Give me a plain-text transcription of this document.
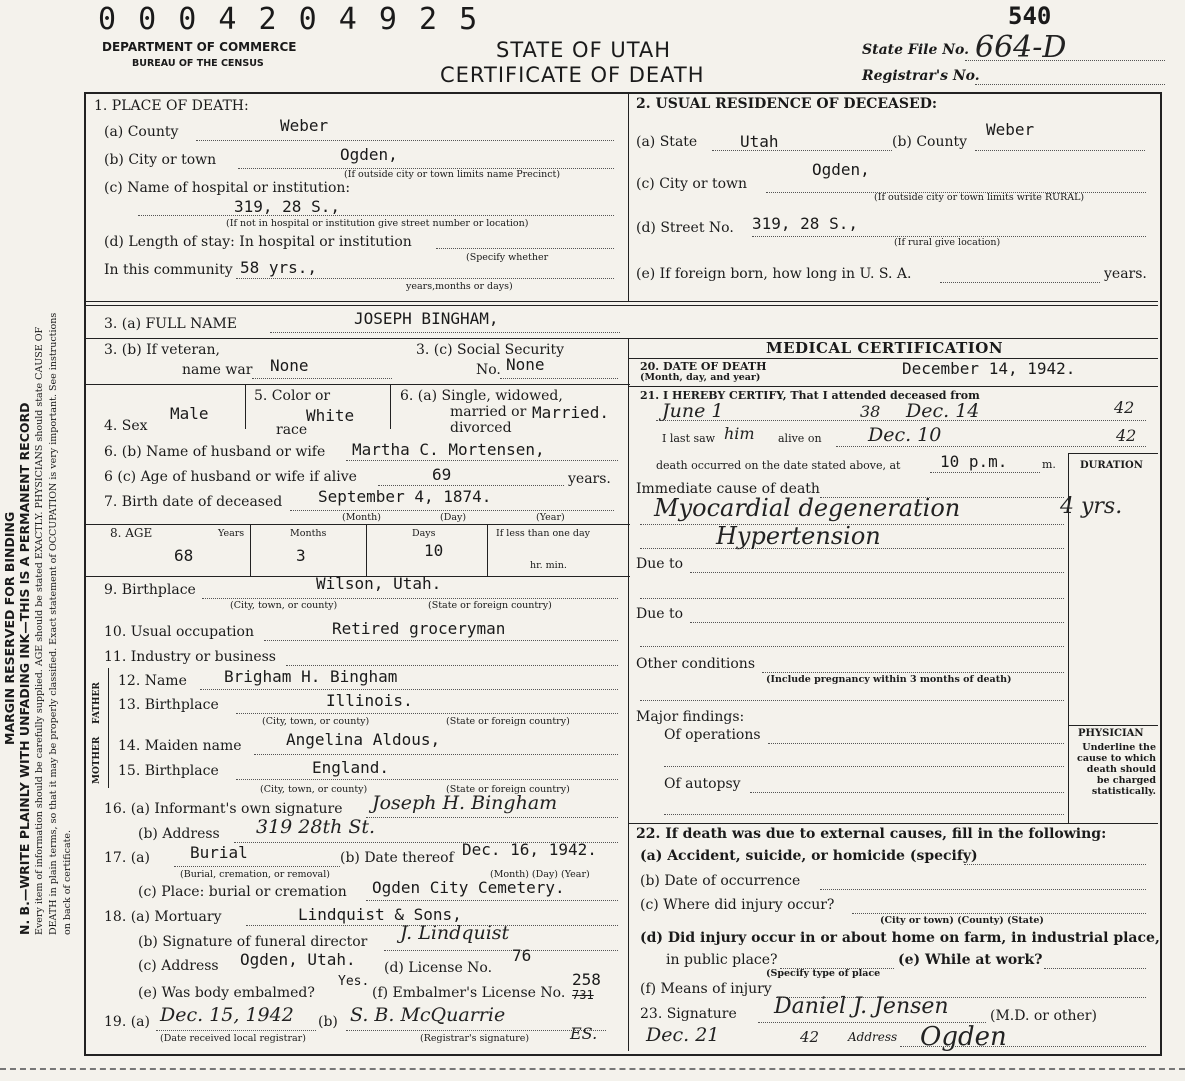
MARGIN RESERVED FOR BINDING N. B.—WRITE PLAINLY WITH UNFADING INK—THIS IS A PERMANENT RECORD Every item of information should be carefully supplied. AGE should be stated EXACTLY. PHYSICIANS should state CAUSE OF DEATH in plain terms, so that it may be properly classified. Exact statement of OCCUPATION is very important. See instructions on back of certificate.
0 0 0 4 2 0 4 9 2 5
DEPARTMENT OF COMMERCE
BUREAU OF THE CENSUS
STATE OF UTAH
CERTIFICATE OF DEATH
540
State File No. 664-D
Registrar's No.
1. PLACE OF DEATH:
(a) County	Weber
(b) City or town	Ogden,
(If outside city or town limits name Precinct)
(c) Name of hospital or institution:
319, 28 S.,
(If not in hospital or institution give street number or location)
(d) Length of stay: In hospital or institution
(Specify whether
In this community 58 yrs.,
years,months or days)
2. USUAL RESIDENCE OF DECEASED:
(a) State	Utah	(b) County
Weber
(c) City or town
Ogden,
(If outside city or town limits write RURAL)
(d) Street No. 319, 28 S.,
(If rural give location)
(e) If foreign born, how long in U. S. A.	years.
3. (a) FULL NAME	JOSEPH BINGHAM,
3. (b) If veteran,
name war None
3. (c) Social Security
No. None
4. Sex
Male
5. Color or
race
White
6. (a) Single, widowed,
married or
divorced
Married.
6. (b) Name of husband or wife Martha C. Mortensen,
6 (c) Age of husband or wife if alive	69	years.
7. Birth date of deceased September 4, 1874.
(Month)	(Day)	(Year)
8. AGE	Years	Months	Days	If less than one day
hr. min.
68	3	10
9. Birthplace	Wilson, Utah.
(City, town, or county)	(State or foreign country)
10. Usual occupation	Retired groceryman
11. Industry or business
FATHER
MOTHER
12. Name Brigham H. Bingham
13. Birthplace	Illinois.
(City, town, or county)	(State or foreign country)
14. Maiden name	Angelina Aldous,
15. Birthplace	England.
(City, town, or county)	(State or foreign country)
16. (a) Informant's own signature Joseph H. Bingham
(b) Address 319 28th St.
17. (a)	Burial
(Burial, cremation, or removal)
(b) Date thereof Dec. 16, 1942.
(Month) (Day) (Year)
(c) Place: burial or cremation Ogden City Cemetery.
18. (a) Mortuary	Lindquist & Sons,
(b) Signature of funeral director J. Lindquist
(c) Address Ogden, Utah. (d) License No.
76
(e) Was body embalmed?
Yes.
(f) Embalmer's License No.
258
731
19. (a) Dec. 15, 1942
(Date received local registrar)
(b) S. B. McQuarrie
(Registrar's signature)	ES.
MEDICAL CERTIFICATION
20. DATE OF DEATH
(Month, day, and year)	December 14, 1942.
21. I HEREBY CERTIFY, That I attended deceased from
June 1	38 Dec. 14	42
I last saw him alive on Dec. 10	42
death occurred on the date stated above, at 10 p.m.	m. DURATION
Immediate cause of death
Myocardial degeneration	4 yrs.
Hypertension
Due to
Due to
Other conditions
(Include pregnancy within 3 months of death)
Major findings:
Of operations
Of autopsy
PHYSICIAN
Underline the cause to which death should be charged statistically.
22. If death was due to external causes, fill in the following:
(a) Accident, suicide, or homicide (specify)
(b) Date of occurrence
(c) Where did injury occur?
(City or town) (County) (State)
(d) Did injury occur in or about home on farm, in industrial place,
in public place?
(Specify type of place
(e) While at work?
(f) Means of injury
23. Signature Daniel J. Jensen	(M.D. or other)
Dec. 21	42 Address Ogden
